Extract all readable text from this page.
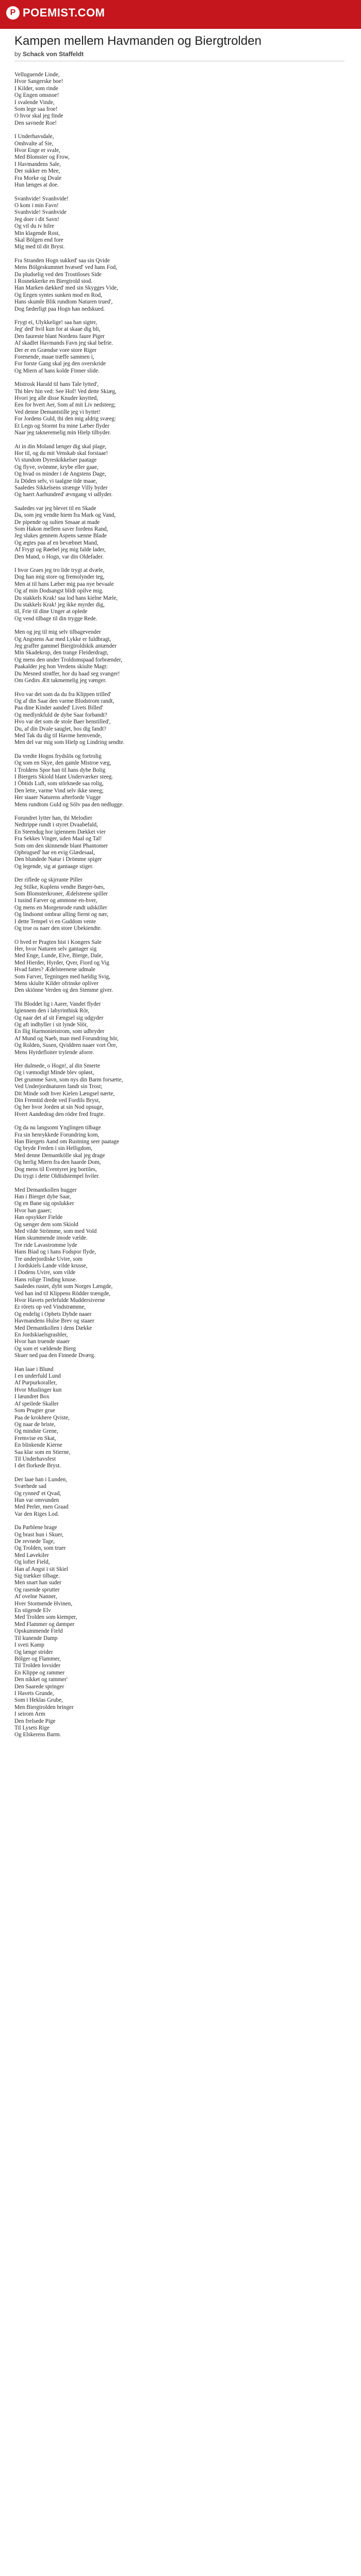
P POEMIST.COM
Kampen mellem Havmanden og Biergtrolden
by Schack von Staffeldt
Velluguende Linde,
Hvor Sangerske boe!
I Kilder, som rinde
Og Engen omsnoe!
I svalende Vinde,
Som lege saa froe!
O hvor skal jeg finde
Den savnede Roe!
I Underhavsdale,
Omhvalte af Sie,
Hvor Enge er svale,
Med Blomster og Frow,
I Havmandens Sale,
Der sukker en Mee,
Fra Morke og Dvale
Hun længes at doe.
Svanhvide! Svanhvide!
O kom i min Favn!
Svanhvide! Svanhvide
Jeg doer i dit Savn!
Og vil du iv hilre
Min klagende Rost,
Skal Bölgen end fore
Mig med til dit Bryst.
Fra Stranden Hogn sukked' saa sin Qvide
Mens Bölgeskummet hvæsed' ved hans Fod,
Da pludselig ved den Trosttloses Side
I Rosnekkerke en Biergtrold stod.
Han Marken dækked' med sin Skygges Vide,
Og Eegen syntes sunken mod en Rod,
Hans skumle Blik rundtom Naturen trued',
Dog fæderligt paa Hogn han nedskued.
Frygt ei, Ulykkelige! saa han sigter,
Jeg' ded' hvil kun for at skaae dig bli,
Den faureste blant Nordens faure Piger
Af skadlet Havmands Favn jeg skal befrie.
Der er en Grændse vore store Riger
Forenende, maae træffe sammen i,
For forste Gang skal jeg den overskride
Og Miern af hans kolde Finner slide.
Mistrosk Harald til hans Tale lytted',
Thi blev hin ved: See Hof! Ved dette Skiæg,
Hvori jeg alle disse Knuder knytted,
Een for hvert Aer, Som af mit Liv nedsteeg;
Ved denne Demantstille jeg vi byttet!
For Jordens Guld, thi den mig aldrig svæeg:
Et Legn og Stormt fra mine Læber flyder
Naar jeg takneremelig min Hielp tilbyder.
At in din Moland længer dig skal plage,
Hor til, og du mit Venskab skal forstaae!
Vi stundom Dyreskikkelser paatage
Og flyve, svömme, krybe eller gaae,
Og hvad os minder i de Angstens Dage,
Ja Döden selv, vi taalgne tide maae,
Saaledes Sikkelsens strænge Villy byder
Og haert Aarhundred' ævngang vi udlyder.
Saaledes var jeg blevet til en Skade
Da, som jeg vendte hiem fra Mark og Vand,
De pipende og sulten Smaae at made
Som Hakon mellem saver fordens Rand,
Jeg slukes gennem Aspens sænne Blade
Og ægtes paa af en bevæbnet Mand,
Af Frygt og Røebel jeg mig falde lader,
Den Mand, o Hogn, var din Oldefader.
I hvor Graes jeg tro lide trygt at dvæle,
Dog han mig store og fremolynder teg,
Men at til hans Læber mig paa nye bevaale
Og af min Dodsangst blidt opilve mig.
Du stakkels Krak! saa lod hans kielne Mæle,
Du stakkels Krak! jeg ikke myrder dig,
til, Frie til dine Unger at oplede
Og vend tilbage til din trygge Rede.
Men og jeg til mig selv tilbagevender
Og Angstens Aar med Lykke er fuldbragt,
Jeg graffer gammel Biergtroldskik antænder
Min Skadekrop, den trange Fleiderdragt,
Og mens den under Troldomspaad forbrænder,
Paakalder jeg hon Verdens skiulte Magt:
Du Mesned strøffer, hor du haad seg svanger!
Om Gedirs Ætt takmemelig jeg vænger.
Hvo var det som da du fra Klippen trilled'
Og af din Saar den varme Blodstrom randt,
Paa dine Kinder aanded' Livets Billed'
Og medlynkfuld de dybe Saar forbandt?
Hvo var det som de stole Baer henstilled',
Du, af din Dvale sauglet, hos dig fandt?
Med Tak du dig til Havme hemvende,
Men del var mig som Hielp og Lindring sendte.
Da vredte Hogns frydslös og fortrolig
Og som en Skye, den gamle Mistroe væg,
I Troldens Spor han til hans dybe Bolig
I Biergets Skiold blant Underværker steeg.
I Öbtids Luft, som störknede saa rolig,
Den lette, varme Vind selv ikke sneeg;
Her staaer Naturens afterforde Vugge
Mens rundtom Guld og Sölv paa den nedlugge.
Forundret lytter han, thi Melodier
Nedtrippe rundt i styret Dvaabefald,
En Steendug hor igiennem Dækket vier
Fra Sekkes Vinger, uden Maal og Tal!
Som om den skinnende blant Phantomer
Opbrugsed' har en evig Glædesaal,
Den blundede Natur i Drömme spiger
Og legende, sig at gantaage stiger.
Der riflede og skjrrante Piller
Jeg Stilke, Kuplens vendte Bæger-bæs,
Som Blomsterkroner, Ædelsteene spiller
I tusind Farver og ammone en-hver,
Og mens en Morgenrode rundt udskiller
Og lindsomt ombrar alling fiernt og nær,
I dette Tempel vi en Guddom vente
Og troe os naer den store Ubekiendte.
O hved er Pragten hist i Kongers Sale
Her, hvor Naturen selv gantager sig
Med Enge, Lunde, Elve, Bierge, Dale,
Med Hierder, Hyrder, Qver, Fiord og Vig
Hvad fattes? Ædelsteenene udmale
Som Farver, Tegningen med hældig Svig,
Mens skiulte Kilder ofrinske opliver
Den skiönne Verden og den Stemme giver.
Thi Bloddet lig i Aarer, Vandet flyder
Igiennem den i labyrinthisk Rör,
Og naar det af sit Fængsel sig udgyder
Og aft indhyller i sit lynde Slör,
En Ilig Harmonieistrom, som udbryder
Af Mund og Naeb, man med Forundring hör,
Og Rolden, Susen, Qviddren naaer vort Öre,
Mens Hyrdefloiter trylende aforre.
Her dulmede, o Hogn!, al din Smerte
Og i væmodigt Minde blev opløst,
Det grumme Savn, som nys din Barm forsætte,
Ved Underjordnaturen fandt sin Trost;
Dit Minde sodt hver Kielen Længsel nærte,
Din Fremtid drede ved Fordils Bryst,
Og her hvor Jorden at sin Nod opsuge,
Hvert Aandedrag den rödre fred frugte.
Og da nu langsomt Ynglingen tilbage
Fra sin henrykkede Forundring kom,
Han Biergets Aand om Rustning seer paatage
Og bryde Freden i sin Helligdom,
Med denne Demantkölle skal jeg drage
Og herlig Miern fra den haarde Dom,
Dog mens til Eventyret jeg bortiles,
Du trygt i dette Oldtidstempel hviler.
Med Demantkollen hugger
Han i Bierget dybe Saar,
Og en Bane sig opslukker
Hvor han gaaer;
Han opsykker Fielde
Og sænger dem som Skiold
Med vilde Strömme, som med Vold
Ham skummende imode vælde.
Tre ride Lavastromme lyde
Hans Biad og i hans Fodspor flyde,
Tre underjordiske Uvire, som
I Jordskiels Lande vilde krusse,
I Dodens Uvire, som vilde
Hans rolige Tinding knuse.
Saaledes rustet, dybt som Norges Længde,
Ved han ind til Klippens Rödder trængde,
Hvor Havets perlefulde Muddersiverne
Er rörets op ved Vindstrømme,
Og endelig i Opbets Dybde naaer
Havmandens Hulse Brev og staaer
Med Demantkollen i dens Dække
En Jordskiaelsgrashler,
Hvor han truende staaer
Og som et vældende Bierg
Skuer ned paa den Finnede Dværg.
Han laae i Blund
I en underfuld Lund
Af Purpurkoraller,
Hvor Muslinger kun
I Iæundret Box
Af speilede Skaller
Som Prugter grue
Paa de krokhere Qviste,
Og naar de briste,
Og mindste Grene,
Fremvise en Skat,
En blinkende Kierne
Saa klar som en Stierne,
Til Underhavsfest
I det florkede Bryst.
Der laae han i Lunden,
Sværhede sad
Og rynned' et Qvad,
Hun var omvunden
Med Perler, men Graad
Var den Riges Lod.
Da Parblene brage
Og brast hun i Skuer,
De revnede Tage,
Og Trolden, som truer
Med Løvekiler
Og loftet Field,
Han af Angst i sit Skiel
Sig trækker tilbage.
Men snart han suder
Og rasende sprutter
Af ovelne Nanner,
Hver Stormende Hvinen,
En stigende Elv
Med Trolden som kiemper,
Med Flammer og dæmper
Opskummende Field
Til kunende Damp
I sveii Kamp
Og længe strider
Bölger og Flammer,
Til Trolden lovsider
En Klippe og rammer
Den nikket og rammer'
Den Saarede springer
I Havets Grunde,
Som i Heklas Grube,
Men Biergtrolden bringer
I seirom Arm
Den frelsede Pige
Til Lysets Rige
Og Elskerens Barm.
